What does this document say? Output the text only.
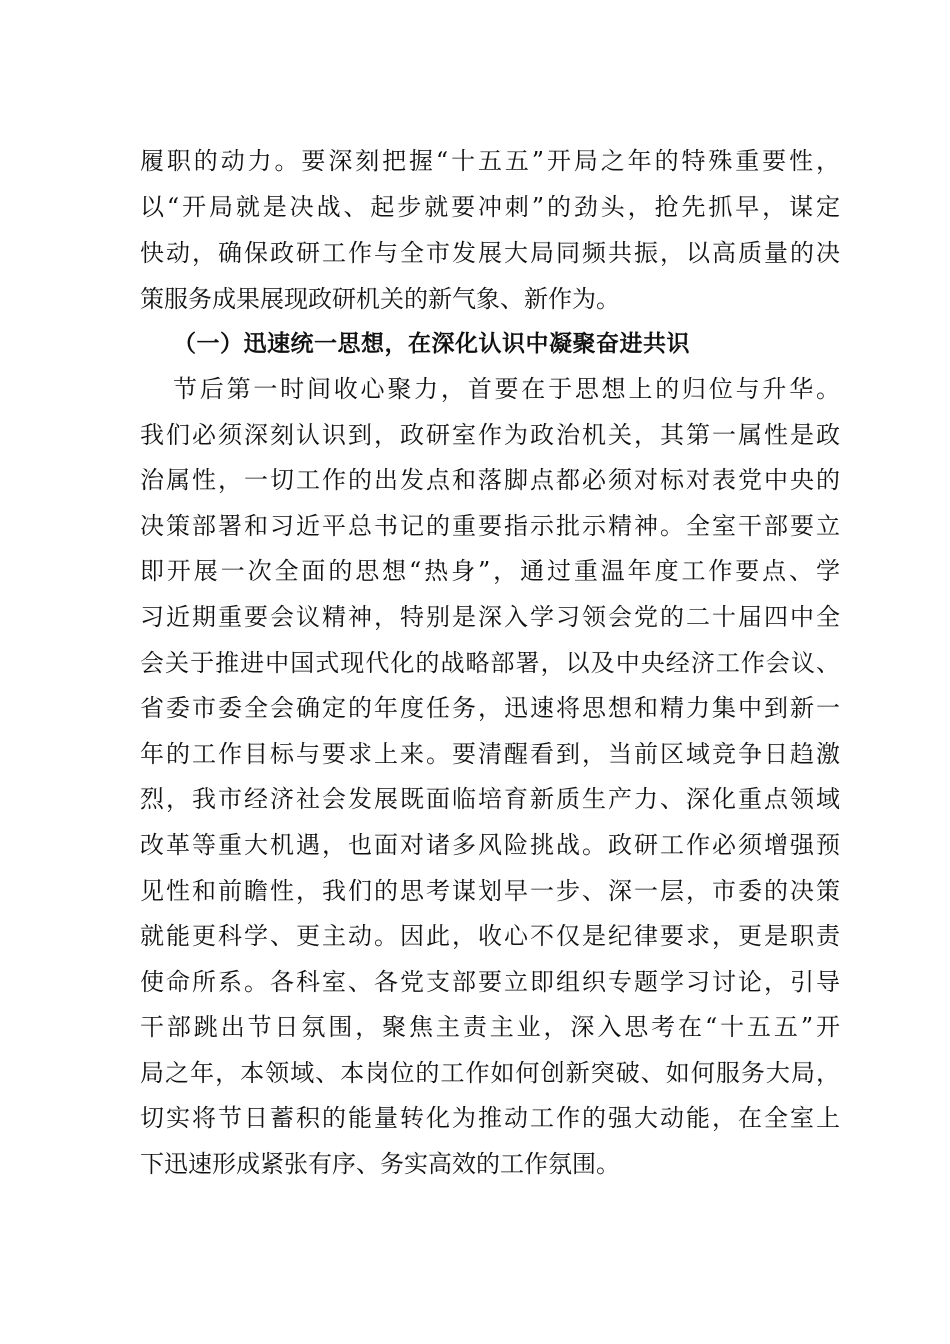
履职的动力。要深刻把握“十五五”开局之年的特殊重要性，
以“开局就是决战、起步就要冲刺”的劲头，抢先抓早，谋定
快动，确保政研工作与全市发展大局同频共振，以高质量的决
策服务成果展现政研机关的新气象、新作为。
（一）迅速统一思想，在深化认识中凝聚奋进共识
节后第一时间收心聚力，首要在于思想上的归位与升华。
我们必须深刻认识到，政研室作为政治机关，其第一属性是政
治属性，一切工作的出发点和落脚点都必须对标对表党中央的
决策部署和习近平总书记的重要指示批示精神。全室干部要立
即开展一次全面的思想“热身”，通过重温年度工作要点、学
习近期重要会议精神，特别是深入学习领会党的二十届四中全
会关于推进中国式现代化的战略部署，以及中央经济工作会议、
省委市委全会确定的年度任务，迅速将思想和精力集中到新一
年的工作目标与要求上来。要清醒看到，当前区域竞争日趋激
烈，我市经济社会发展既面临培育新质生产力、深化重点领域
改革等重大机遇，也面对诸多风险挑战。政研工作必须增强预
见性和前瞻性，我们的思考谋划早一步、深一层，市委的决策
就能更科学、更主动。因此，收心不仅是纪律要求，更是职责
使命所系。各科室、各党支部要立即组织专题学习讨论，引导
干部跳出节日氛围，聚焦主责主业，深入思考在“十五五”开
局之年，本领域、本岗位的工作如何创新突破、如何服务大局，
切实将节日蓄积的能量转化为推动工作的强大动能，在全室上
下迅速形成紧张有序、务实高效的工作氛围。
